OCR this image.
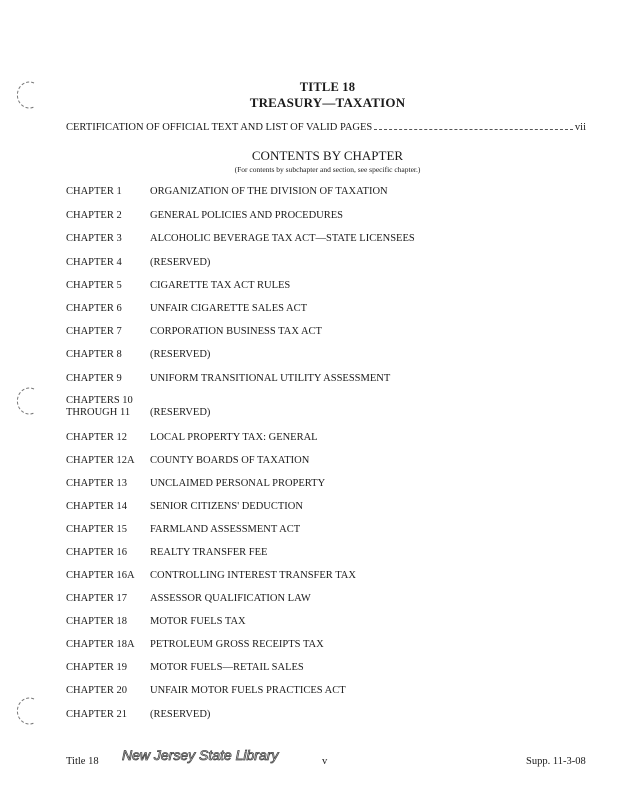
TITLE 18
TREASURY—TAXATION
CERTIFICATION OF OFFICIAL TEXT AND LIST OF VALID PAGES	vii
CONTENTS BY CHAPTER
(For contents by subchapter and section, see specific chapter.)
CHAPTER 1	ORGANIZATION OF THE DIVISION OF TAXATION
CHAPTER 2	GENERAL POLICIES AND PROCEDURES
CHAPTER 3	ALCOHOLIC BEVERAGE TAX ACT—STATE LICENSEES
CHAPTER 4	(RESERVED)
CHAPTER 5	CIGARETTE TAX ACT RULES
CHAPTER 6	UNFAIR CIGARETTE SALES ACT
CHAPTER 7	CORPORATION BUSINESS TAX ACT
CHAPTER 8	(RESERVED)
CHAPTER 9	UNIFORM TRANSITIONAL UTILITY ASSESSMENT
CHAPTERS 10
THROUGH 11	(RESERVED)
CHAPTER 12	LOCAL PROPERTY TAX: GENERAL
CHAPTER 12A	COUNTY BOARDS OF TAXATION
CHAPTER 13	UNCLAIMED PERSONAL PROPERTY
CHAPTER 14	SENIOR CITIZENS' DEDUCTION
CHAPTER 15	FARMLAND ASSESSMENT ACT
CHAPTER 16	REALTY TRANSFER FEE
CHAPTER 16A	CONTROLLING INTEREST TRANSFER TAX
CHAPTER 17	ASSESSOR QUALIFICATION LAW
CHAPTER 18	MOTOR FUELS TAX
CHAPTER 18A	PETROLEUM GROSS RECEIPTS TAX
CHAPTER 19	MOTOR FUELS—RETAIL SALES
CHAPTER 20	UNFAIR MOTOR FUELS PRACTICES ACT
CHAPTER 21	(RESERVED)
Title 18 New Jersey State Library	v	Supp. 11-3-08
